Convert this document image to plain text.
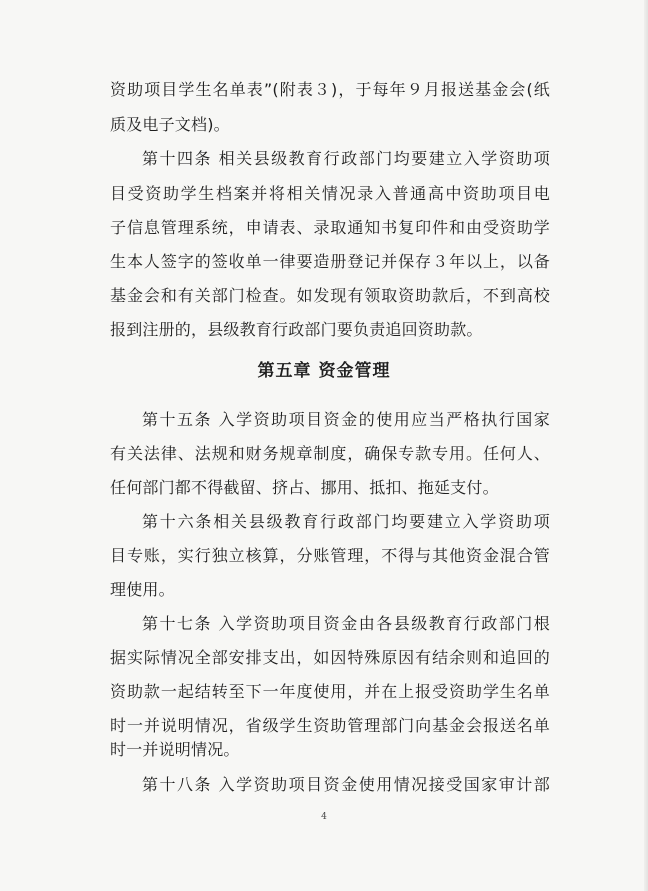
资助项目学生名单表”(附表３)，于每年９月报送基金会(纸
质及电子文档)。
第十四条 相关县级教育行政部门均要建立入学资助项
目受资助学生档案并将相关情况录入普通高中资助项目电
子信息管理系统，申请表、录取通知书复印件和由受资助学
生本人签字的签收单一律要造册登记并保存３年以上，以备
基金会和有关部门检查。如发现有领取资助款后，不到高校
报到注册的，县级教育行政部门要负责追回资助款。
第五章 资金管理
第十五条 入学资助项目资金的使用应当严格执行国家
有关法律、法规和财务规章制度，确保专款专用。任何人、
任何部门都不得截留、挤占、挪用、抵扣、拖延支付。
第十六条相关县级教育行政部门均要建立入学资助项
目专账，实行独立核算，分账管理，不得与其他资金混合管
理使用。
第十七条 入学资助项目资金由各县级教育行政部门根
据实际情况全部安排支出，如因特殊原因有结余则和追回的
资助款一起结转至下一年度使用，并在上报受资助学生名单
时一并说明情况，省级学生资助管理部门向基金会报送名单
时一并说明情况。
第十八条 入学资助项目资金使用情况接受国家审计部
4
